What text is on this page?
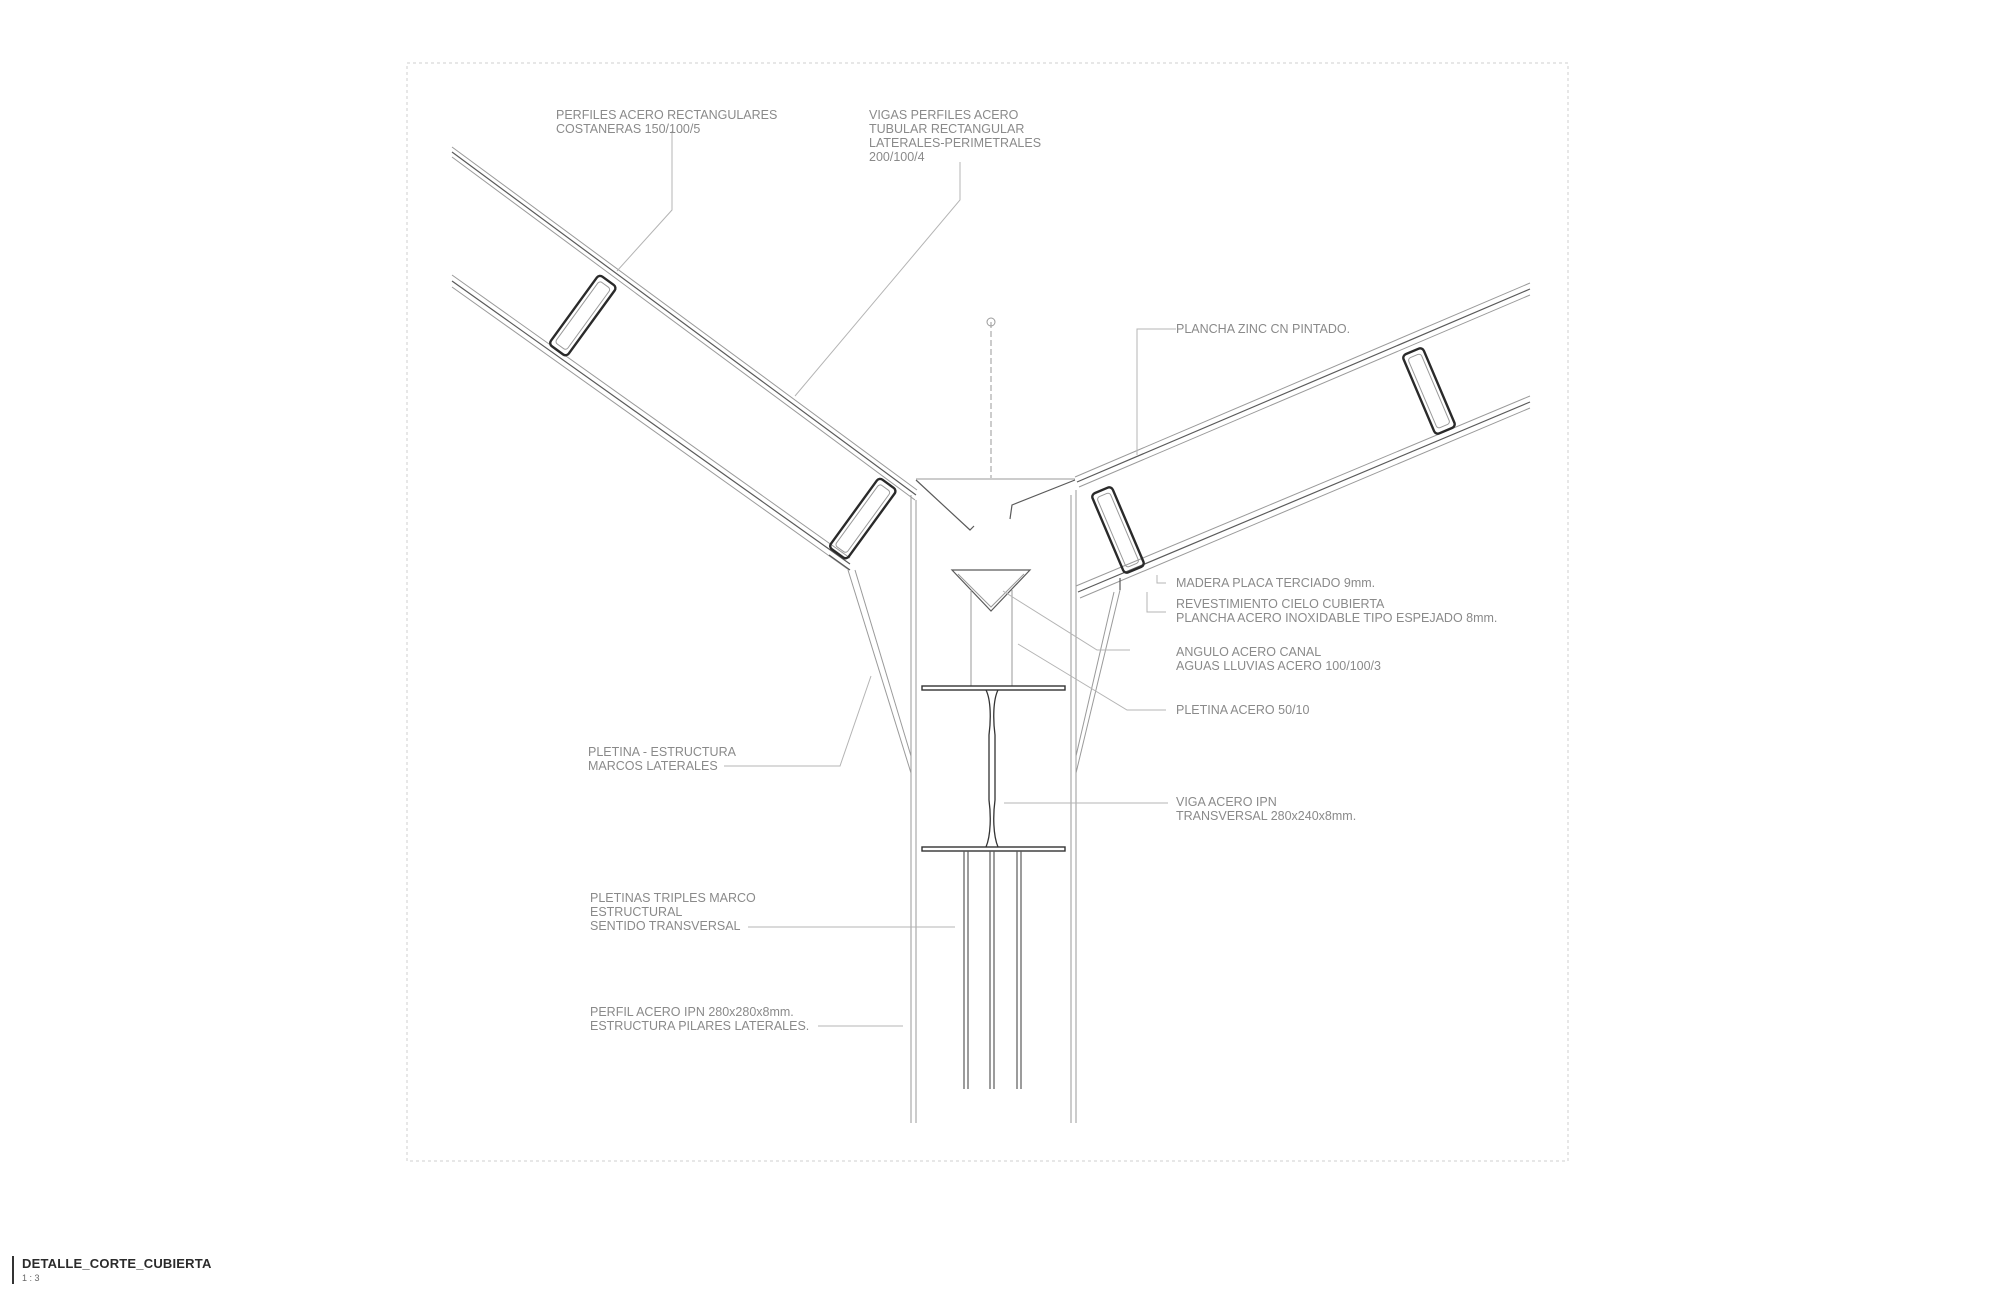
PERFILES ACERO RECTANGULARES COSTANERAS 150/100/5
VIGAS PERFILES ACERO TUBULAR RECTANGULAR LATERALES-PERIMETRALES 200/100/4
PLANCHA ZINC CN PINTADO.
MADERA PLACA TERCIADO 9mm.
REVESTIMIENTO CIELO CUBIERTA PLANCHA ACERO INOXIDABLE TIPO ESPEJADO 8mm.
ANGULO ACERO CANAL AGUAS LLUVIAS ACERO 100/100/3
PLETINA ACERO 50/10
PLETINA - ESTRUCTURA MARCOS LATERALES
VIGA ACERO IPN TRANSVERSAL 280x240x8mm.
PLETINAS TRIPLES MARCO ESTRUCTURAL SENTIDO TRANSVERSAL
PERFIL ACERO IPN 280x280x8mm. ESTRUCTURA PILARES LATERALES.
DETALLE_CORTE_CUBIERTA
1 : 3
